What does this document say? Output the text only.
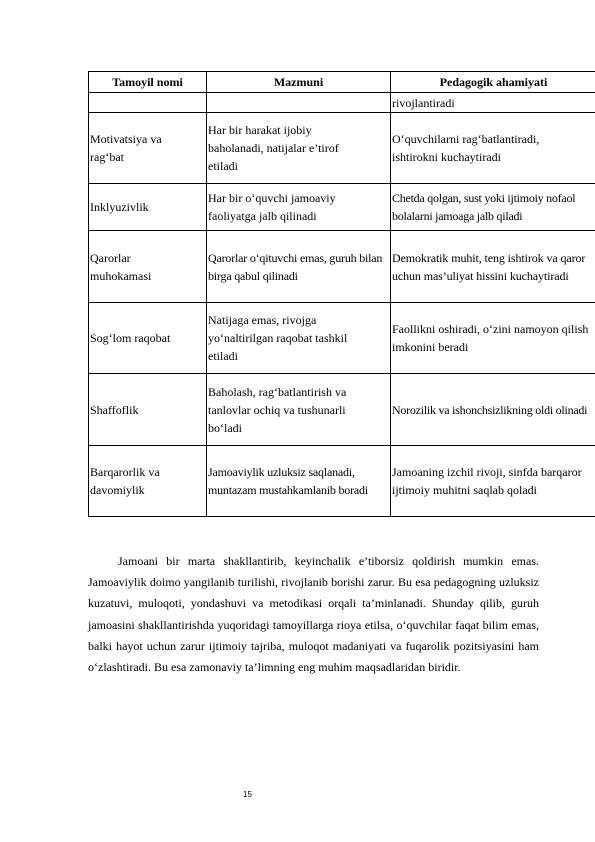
Tamoyil nomi	Mazmuni	Pedagogik ahamiyati
		rivojlantiradi

Motivatsiya va rag‘bat	Har bir harakat ijobiy baholanadi, natijalar e’tirof etiladi	O‘quvchilarni rag‘batlantiradi, ishtirokni kuchaytiradi

Inklyuzivlik	Har bir o‘quvchi jamoaviy faoliyatga jalb qilinadi	Chetda qolgan, sust yoki ijtimoiy nofaol bolalarni jamoaga jalb qiladi

Qarorlar muhokamasi	Qarorlar o‘qituvchi emas, guruh bilan birga qabul qilinadi	Demokratik muhit, teng ishtirok va qaror uchun mas’uliyat hissini kuchaytiradi

Sog‘lom raqobat	Natijaga emas, rivojga yo‘naltirilgan raqobat tashkil etiladi	Faollikni oshiradi, o‘zini namoyon qilish imkonini beradi

Shaffoflik	Baholash, rag‘batlantirish va tanlovlar ochiq va tushunarli bo‘ladi	Norozilik va ishonchsizlikning oldi olinadi

Barqarorlik va davomiylik	Jamoaviylik uzluksiz saqlanadi, muntazam mustahkamlanib boradi	Jamoaning izchil rivoji, sinfda barqaror ijtimoiy muhitni saqlab qoladi

Jamoani bir marta shakllantirib, keyinchalik e’tiborsiz qoldirish mumkin emas. Jamoaviylik doimo yangilanib turilishi, rivojlanib borishi zarur. Bu esa pedagogning uzluksiz kuzatuvi, muloqoti, yondashuvi va metodikasi orqali ta’minlanadi. Shunday qilib, guruh jamoasini shakllantirishda yuqoridagi tamoyillarga rioya etilsa, o‘quvchilar faqat bilim emas, balki hayot uchun zarur ijtimoiy tajriba, muloqot madaniyati va fuqarolik pozitsiyasini ham o‘zlashtiradi. Bu esa zamonaviy ta’limning eng muhim maqsadlaridan biridir.

15
